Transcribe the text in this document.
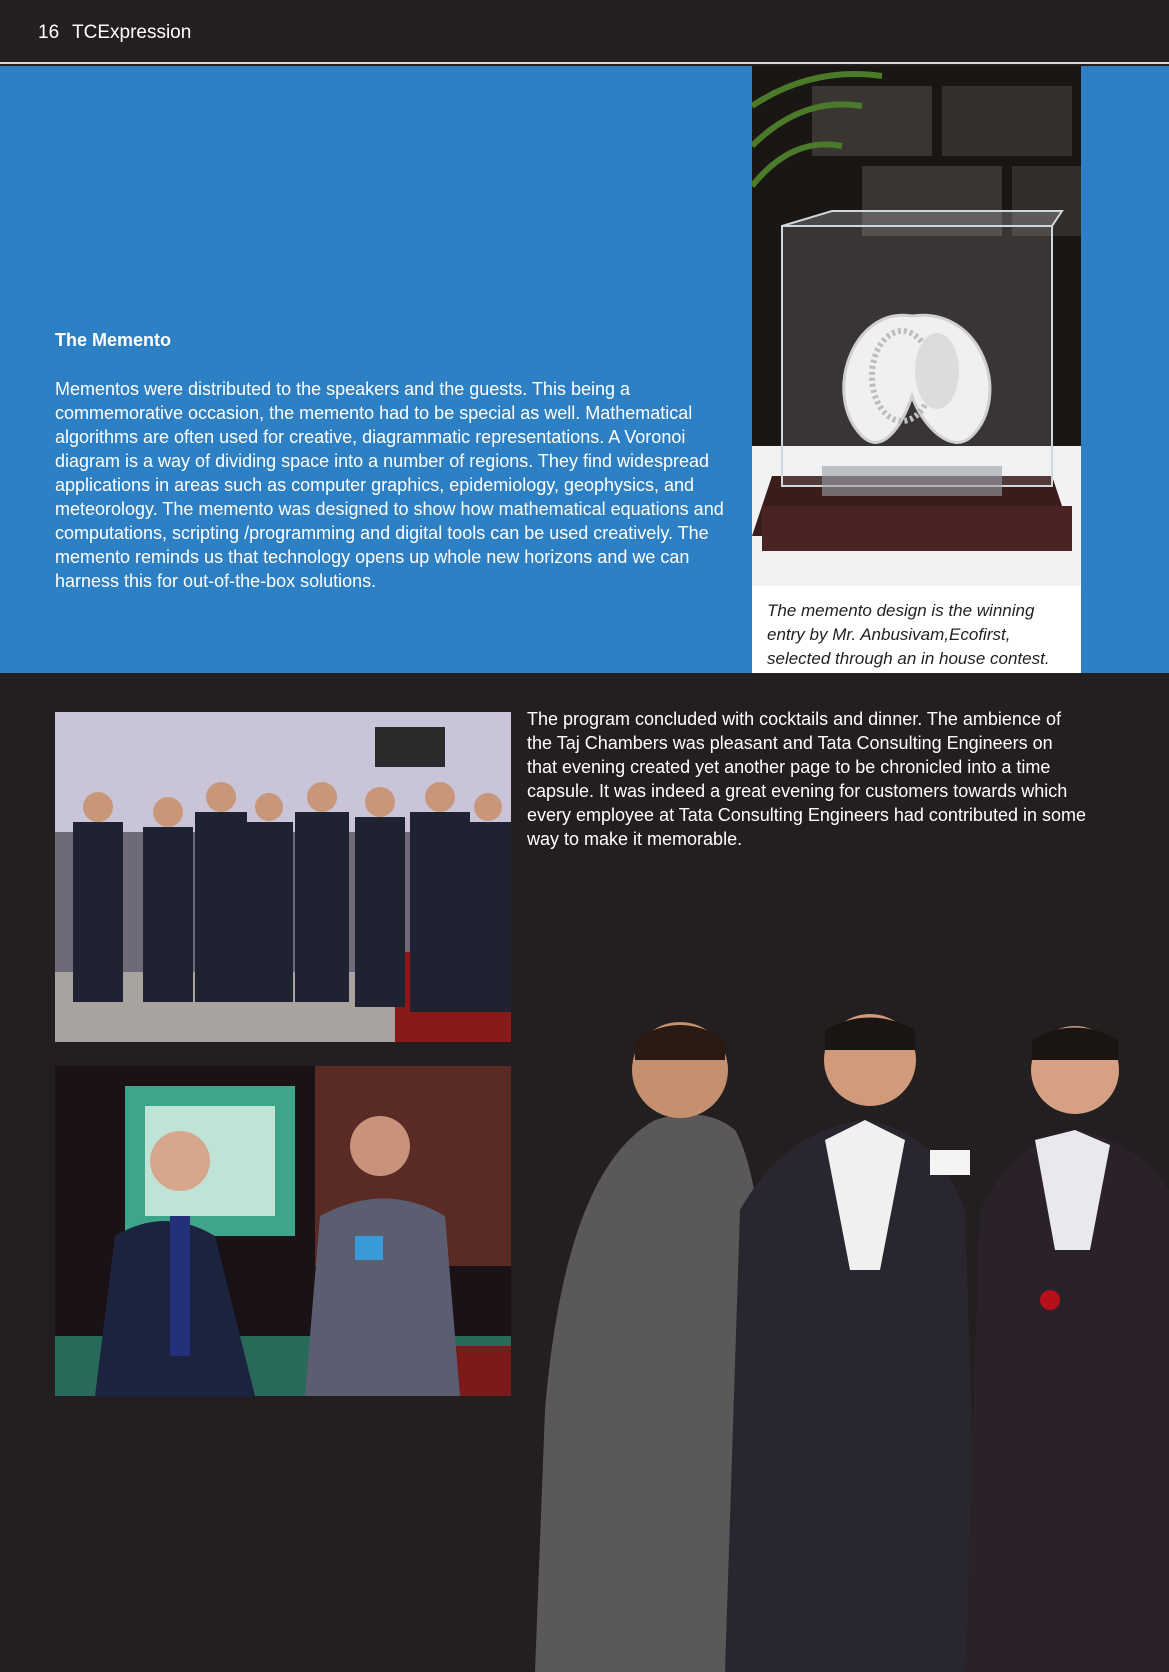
16 TCExpression
The Memento

Mementos were distributed to the speakers and the guests. This being a commemorative occasion, the memento had to be special as well. Mathematical algorithms are often used for creative, diagrammatic representations. A Voronoi diagram is a way of dividing space into a number of regions. They find widespread applications in areas such as computer graphics, epidemiology, geophysics, and meteorology. The memento was designed to show how mathematical equations and computations, scripting /programming and digital tools can be used creatively. The memento reminds us that technology opens up whole new horizons and we can harness this for out-of-the-box solutions.

The memento design is the winning entry by Mr. Anbusivam,Ecofirst, selected through an in house contest.

The program concluded with cocktails and dinner. The ambience of the Taj Chambers was pleasant and Tata Consulting Engineers on that evening created yet another page to be chronicled into a time capsule. It was indeed a great evening for customers towards which every employee at Tata Consulting Engineers had contributed in some way to make it memorable.
